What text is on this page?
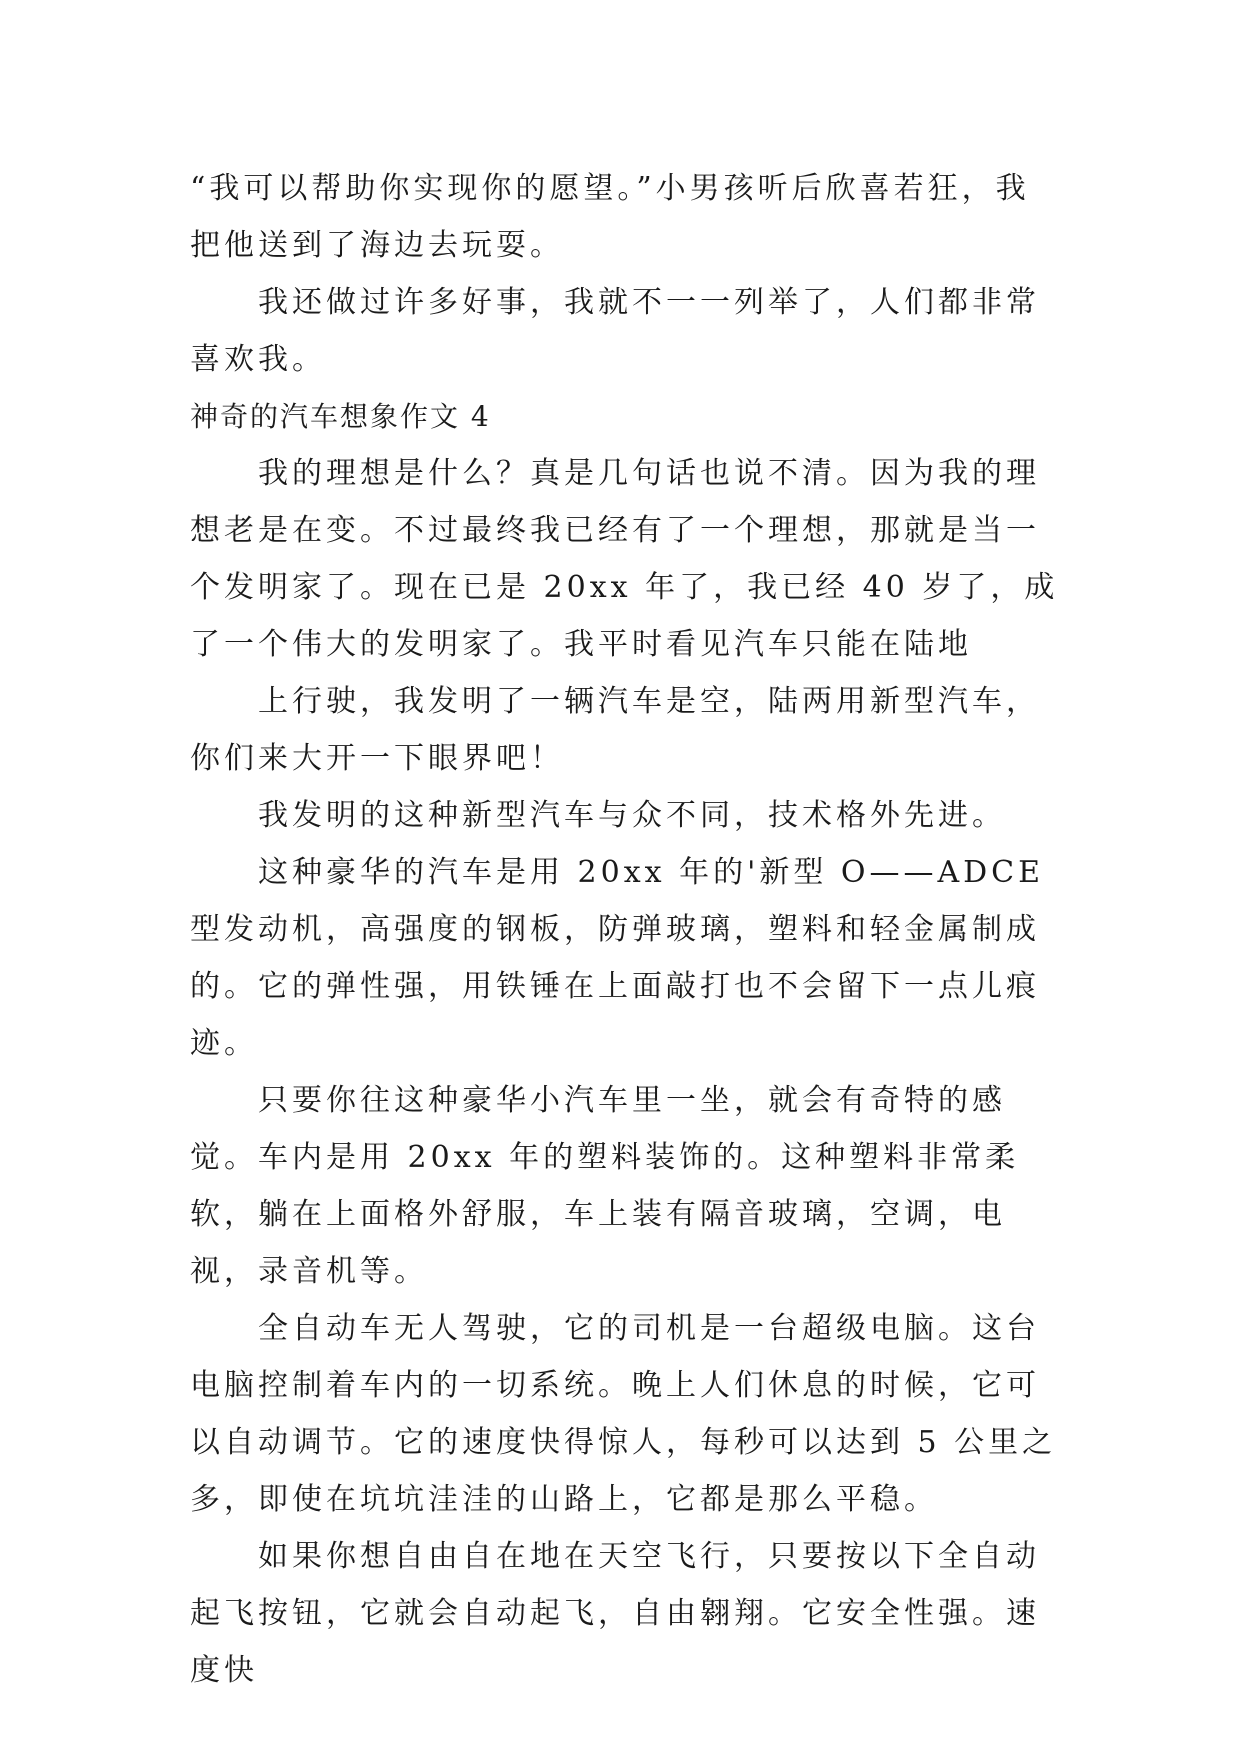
“我可以帮助你实现你的愿望。”小男孩听后欣喜若狂，我把他送到了海边去玩耍。

我还做过许多好事，我就不一一列举了，人们都非常喜欢我。

神奇的汽车想象作文 4

我的理想是什么？真是几句话也说不清。因为我的理想老是在变。不过最终我已经有了一个理想，那就是当一个发明家了。现在已是 20xx 年了，我已经 40 岁了，成了一个伟大的发明家了。我平时看见汽车只能在陆地

上行驶，我发明了一辆汽车是空，陆两用新型汽车，你们来大开一下眼界吧！

我发明的这种新型汽车与众不同，技术格外先进。

这种豪华的汽车是用 20xx 年的'新型 O——ADCE 型发动机，高强度的钢板，防弹玻璃，塑料和轻金属制成的。它的弹性强，用铁锤在上面敲打也不会留下一点儿痕迹。

只要你往这种豪华小汽车里一坐，就会有奇特的感觉。车内是用 20xx 年的塑料装饰的。这种塑料非常柔软，躺在上面格外舒服，车上装有隔音玻璃，空调，电视，录音机等。

全自动车无人驾驶，它的司机是一台超级电脑。这台电脑控制着车内的一切系统。晚上人们休息的时候，它可以自动调节。它的速度快得惊人，每秒可以达到 5 公里之多，即使在坑坑洼洼的山路上，它都是那么平稳。

如果你想自由自在地在天空飞行，只要按以下全自动起飞按钮，它就会自动起飞，自由翱翔。它安全性强。速度快
